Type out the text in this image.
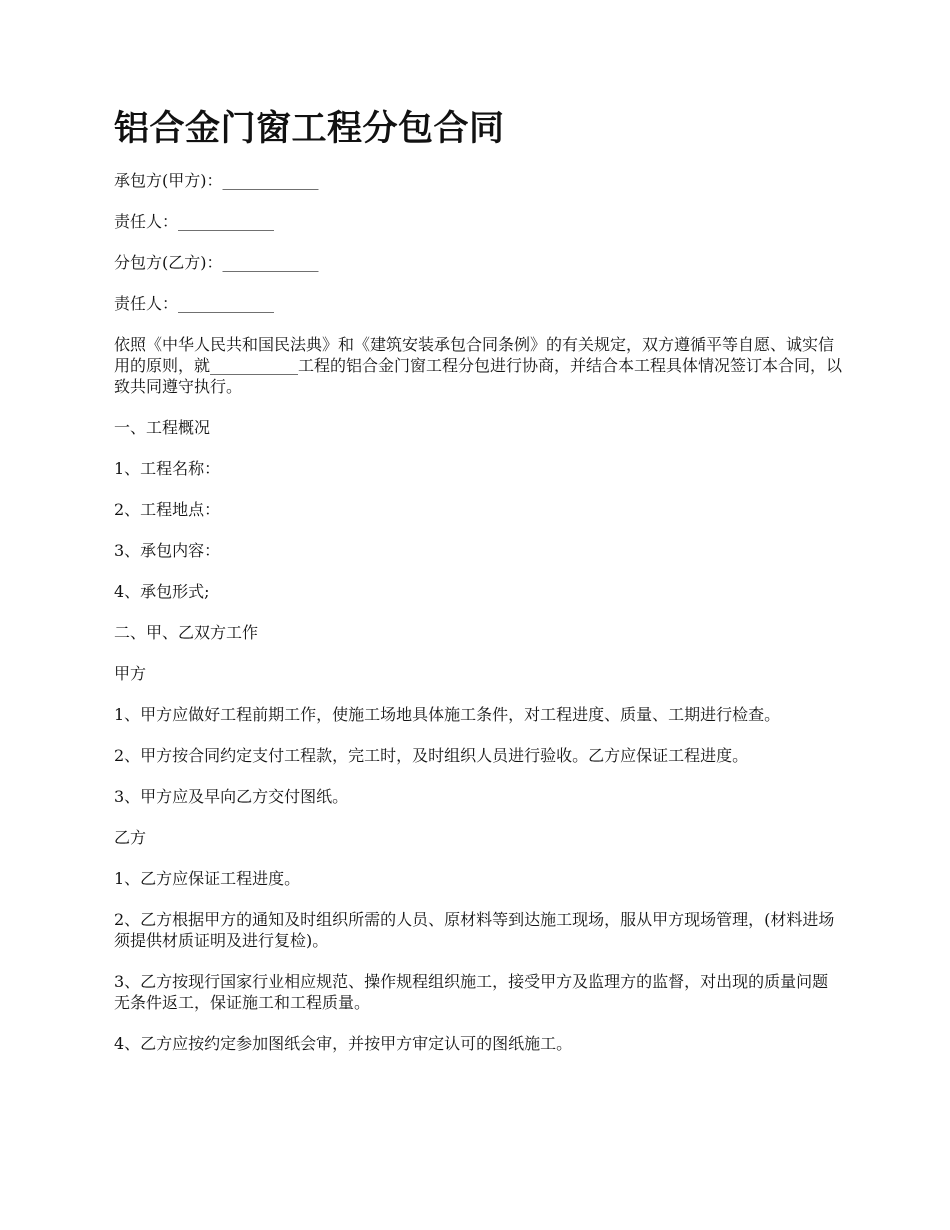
铝合金门窗工程分包合同

承包方(甲方)：____________

责任人：____________

分包方(乙方)：____________

责任人：____________

依照《中华人民共和国民法典》和《建筑安装承包合同条例》的有关规定，双方遵循平等自愿、诚实信用的原则，就___________工程的铝合金门窗工程分包进行协商，并结合本工程具体情况签订本合同，以致共同遵守执行。

一、工程概况

1、工程名称：

2、工程地点：

3、承包内容：

4、承包形式;

二、甲、乙双方工作

甲方

1、甲方应做好工程前期工作，使施工场地具体施工条件，对工程进度、质量、工期进行检查。

2、甲方按合同约定支付工程款，完工时，及时组织人员进行验收。乙方应保证工程进度。

3、甲方应及早向乙方交付图纸。

乙方

1、乙方应保证工程进度。

2、乙方根据甲方的通知及时组织所需的人员、原材料等到达施工现场，服从甲方现场管理，(材料进场须提供材质证明及进行复检)。

3、乙方按现行国家行业相应规范、操作规程组织施工，接受甲方及监理方的监督，对出现的质量问题无条件返工，保证施工和工程质量。

4、乙方应按约定参加图纸会审，并按甲方审定认可的图纸施工。
